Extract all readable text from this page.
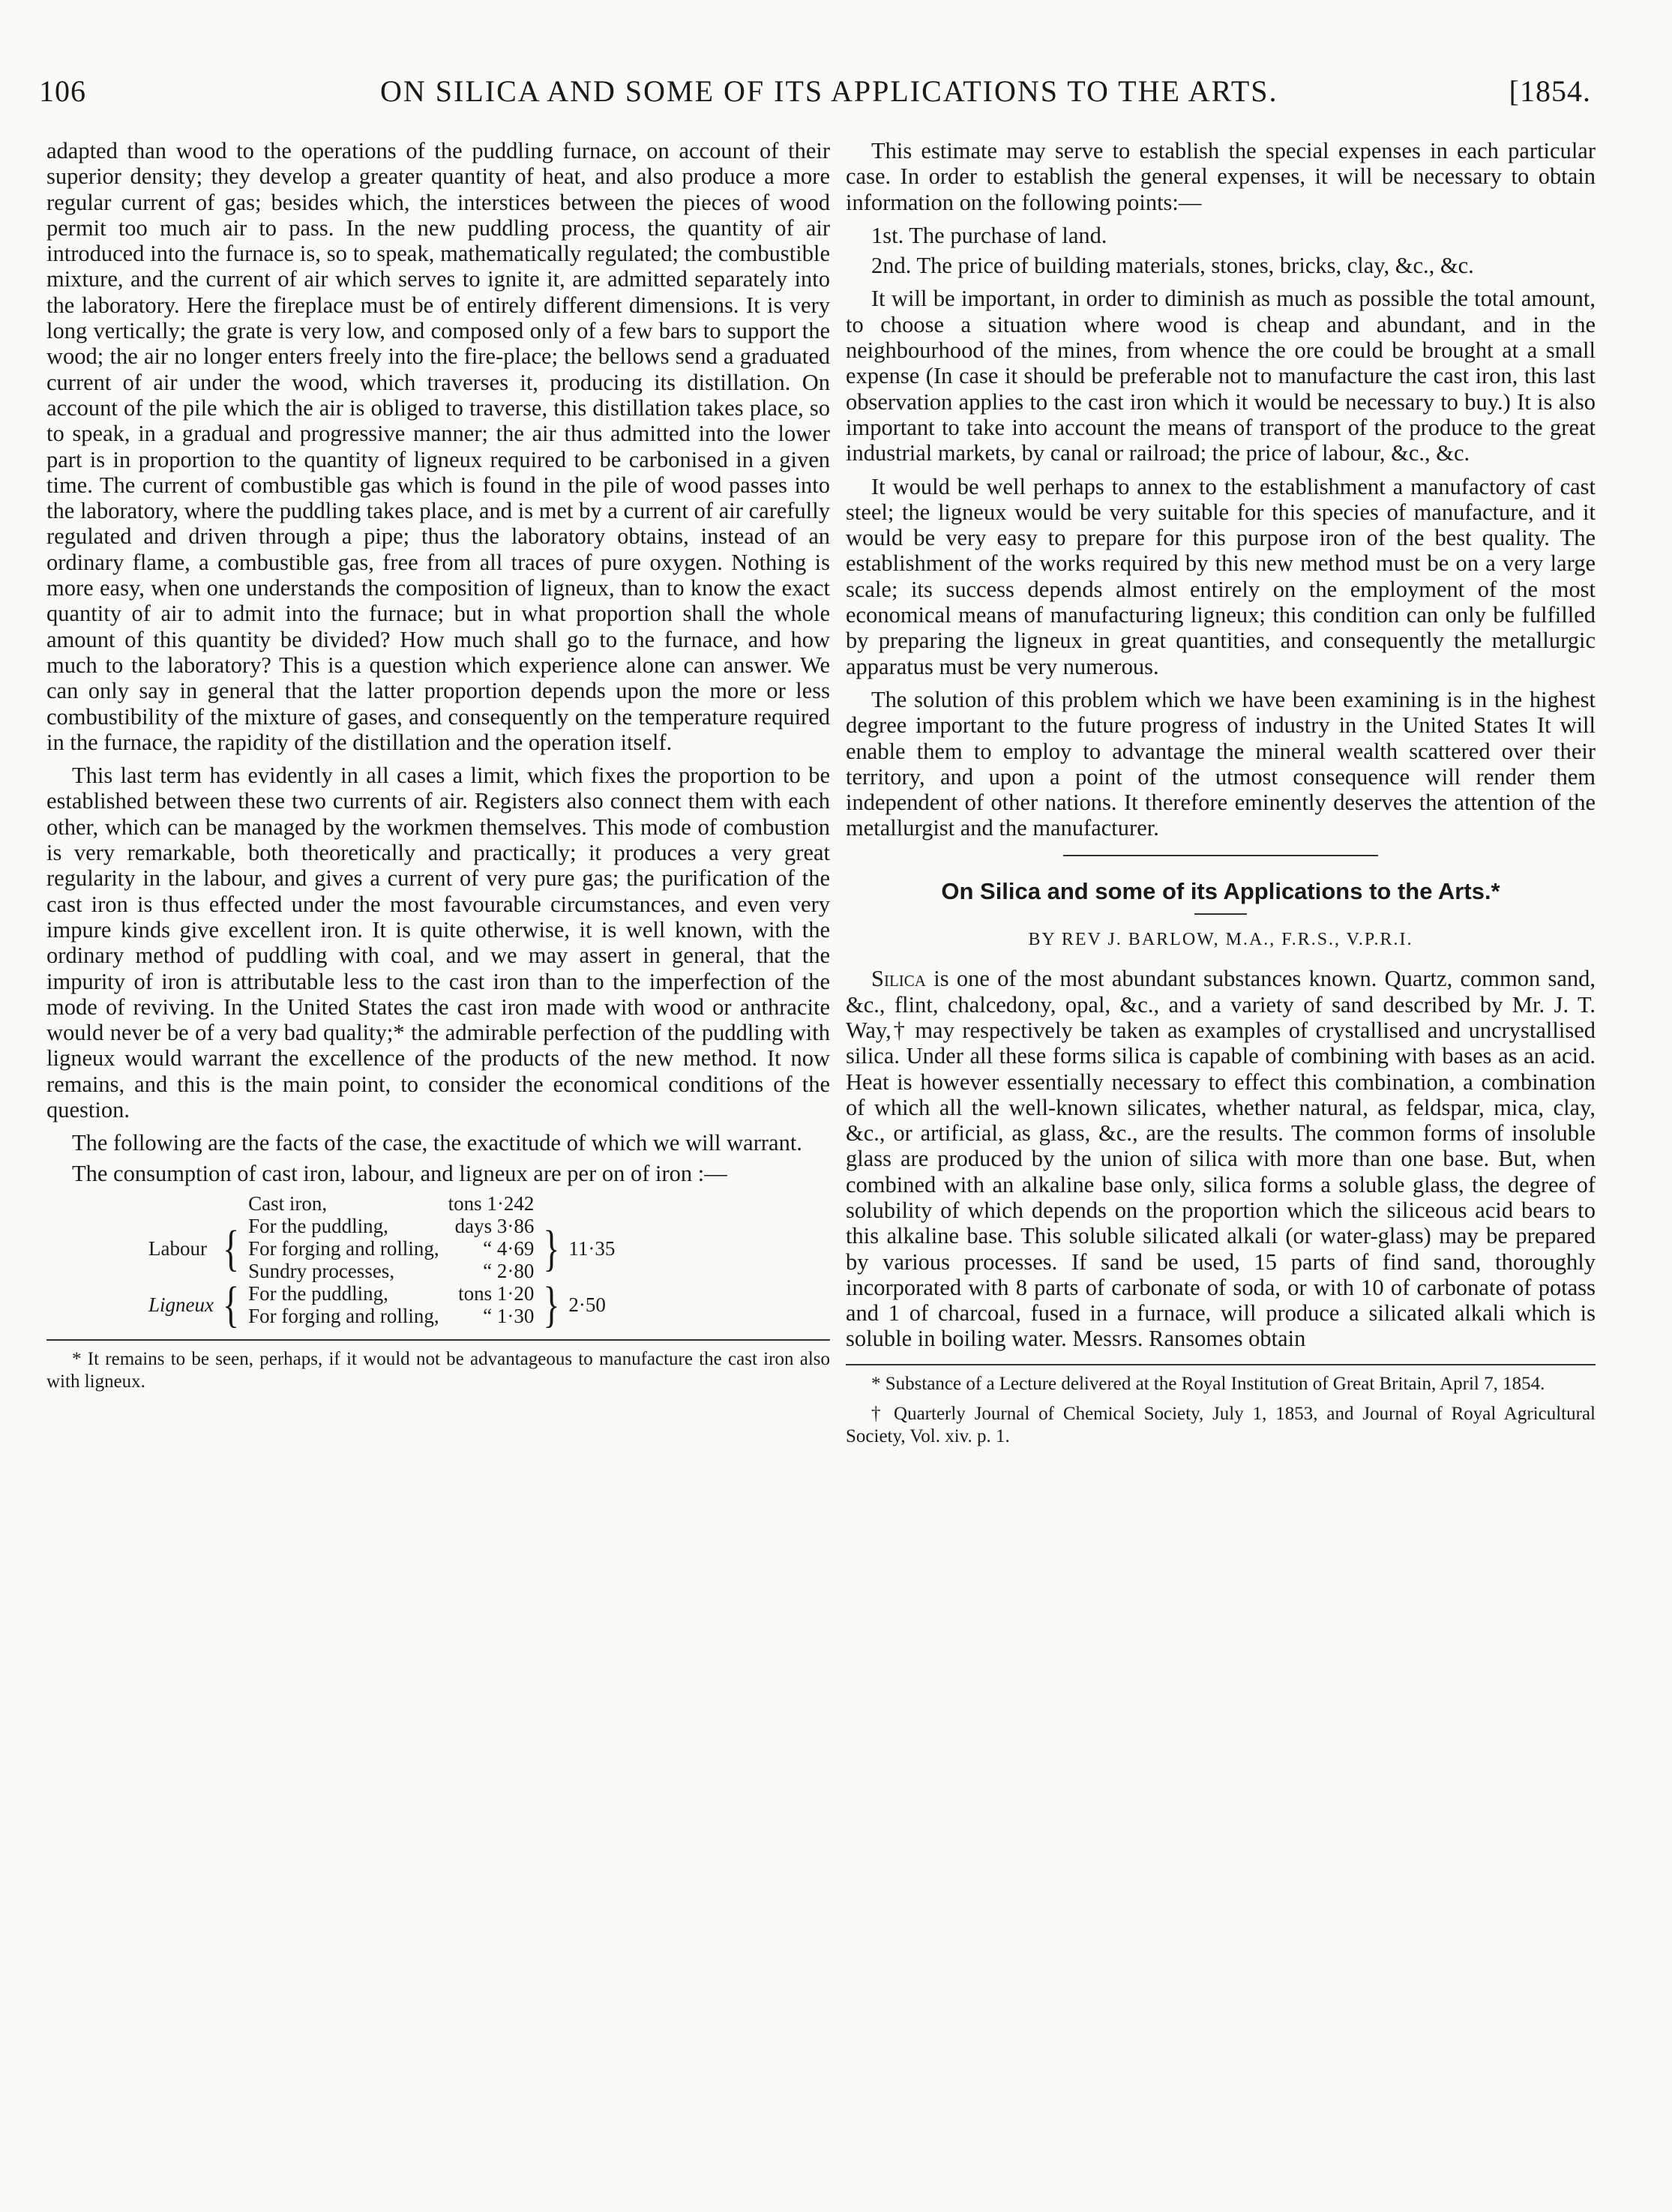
106	ON SILICA AND SOME OF ITS APPLICATIONS TO THE ARTS.	[1854.

adapted than wood to the operations of the puddling furnace, on account of their superior density; they develop a greater quantity of heat, and also produce a more regular current of gas; besides which, the interstices between the pieces of wood permit too much air to pass. In the new puddling process, the quantity of air introduced into the furnace is, so to speak, mathematically regulated; the combustible mixture, and the current of air which serves to ignite it, are admitted separately into the laboratory. Here the fireplace must be of entirely different dimensions. It is very long vertically; the grate is very low, and composed only of a few bars to support the wood; the air no longer enters freely into the fire-place; the bellows send a graduated current of air under the wood, which traverses it, producing its distillation. On account of the pile which the air is obliged to traverse, this distillation takes place, so to speak, in a gradual and progressive manner; the air thus admitted into the lower part is in proportion to the quantity of ligneux required to be carbonised in a given time. The current of combustible gas which is found in the pile of wood passes into the laboratory, where the puddling takes place, and is met by a current of air carefully regulated and driven through a pipe; thus the laboratory obtains, instead of an ordinary flame, a combustible gas, free from all traces of pure oxygen. Nothing is more easy, when one understands the composition of ligneux, than to know the exact quantity of air to admit into the furnace; but in what proportion shall the whole amount of this quantity be divided? How much shall go to the furnace, and how much to the laboratory? This is a question which experience alone can answer. We can only say in general that the latter proportion depends upon the more or less combustibility of the mixture of gases, and consequently on the temperature required in the furnace, the rapidity of the distillation and the operation itself.

This last term has evidently in all cases a limit, which fixes the proportion to be established between these two currents of air. Registers also connect them with each other, which can be managed by the workmen themselves. This mode of combustion is very remarkable, both theoretically and practically; it produces a very great regularity in the labour, and gives a current of very pure gas; the purification of the cast iron is thus effected under the most favourable circumstances, and even very impure kinds give excellent iron. It is quite otherwise, it is well known, with the ordinary method of puddling with coal, and we may assert in general, that the impurity of iron is attributable less to the cast iron than to the imperfection of the mode of reviving. In the United States the cast iron made with wood or anthracite would never be of a very bad quality;* the admirable perfection of the puddling with ligneux would warrant the excellence of the products of the new method. It now remains, and this is the main point, to consider the economical conditions of the question.

The following are the facts of the case, the exactitude of which we will warrant.

The consumption of cast iron, labour, and ligneux are per on of iron :—

		Cast iron,	tons 1·242		
Labour	{	For the puddling,	days 3·86	}	11·35
		For forging and rolling,	“ 4·69		
		Sundry processes,	“ 2·80		
Ligneux	{	For the puddling,	tons 1·20	}	2·50
		For forging and rolling,	“ 1·30		

* It remains to be seen, perhaps, if it would not be advantageous to manufacture the cast iron also with ligneux.

This estimate may serve to establish the special expenses in each particular case. In order to establish the general expenses, it will be necessary to obtain information on the following points:—

1st. The purchase of land.

2nd. The price of building materials, stones, bricks, clay, &c., &c.

It will be important, in order to diminish as much as possible the total amount, to choose a situation where wood is cheap and abundant, and in the neighbourhood of the mines, from whence the ore could be brought at a small expense (In case it should be preferable not to manufacture the cast iron, this last observation applies to the cast iron which it would be necessary to buy.) It is also important to take into account the means of transport of the produce to the great industrial markets, by canal or railroad; the price of labour, &c., &c.

It would be well perhaps to annex to the establishment a manufactory of cast steel; the ligneux would be very suitable for this species of manufacture, and it would be very easy to prepare for this purpose iron of the best quality. The establishment of the works required by this new method must be on a very large scale; its success depends almost entirely on the employment of the most economical means of manufacturing ligneux; this condition can only be fulfilled by preparing the ligneux in great quantities, and consequently the metallurgic apparatus must be very numerous.

The solution of this problem which we have been examining is in the highest degree important to the future progress of industry in the United States It will enable them to employ to advantage the mineral wealth scattered over their territory, and upon a point of the utmost consequence will render them independent of other nations. It therefore eminently deserves the attention of the metallurgist and the manufacturer.

On Silica and some of its Applications to the Arts.*
BY REV J. BARLOW, M.A., F.R.S., V.P.R.I.

Silica is one of the most abundant substances known. Quartz, common sand, &c., flint, chalcedony, opal, &c., and a variety of sand described by Mr. J. T. Way,† may respectively be taken as examples of crystallised and uncrystallised silica. Under all these forms silica is capable of combining with bases as an acid. Heat is however essentially necessary to effect this combination, a combination of which all the well-known silicates, whether natural, as feldspar, mica, clay, &c., or artificial, as glass, &c., are the results. The common forms of insoluble glass are produced by the union of silica with more than one base. But, when combined with an alkaline base only, silica forms a soluble glass, the degree of solubility of which depends on the proportion which the siliceous acid bears to this alkaline base. This soluble silicated alkali (or water-glass) may be prepared by various processes. If sand be used, 15 parts of find sand, thoroughly incorporated with 8 parts of carbonate of soda, or with 10 of carbonate of potass and 1 of charcoal, fused in a furnace, will produce a silicated alkali which is soluble in boiling water. Messrs. Ransomes obtain

* Substance of a Lecture delivered at the Royal Institution of Great Britain, April 7, 1854.

† Quarterly Journal of Chemical Society, July 1, 1853, and Journal of Royal Agricultural Society, Vol. xiv. p. 1.
